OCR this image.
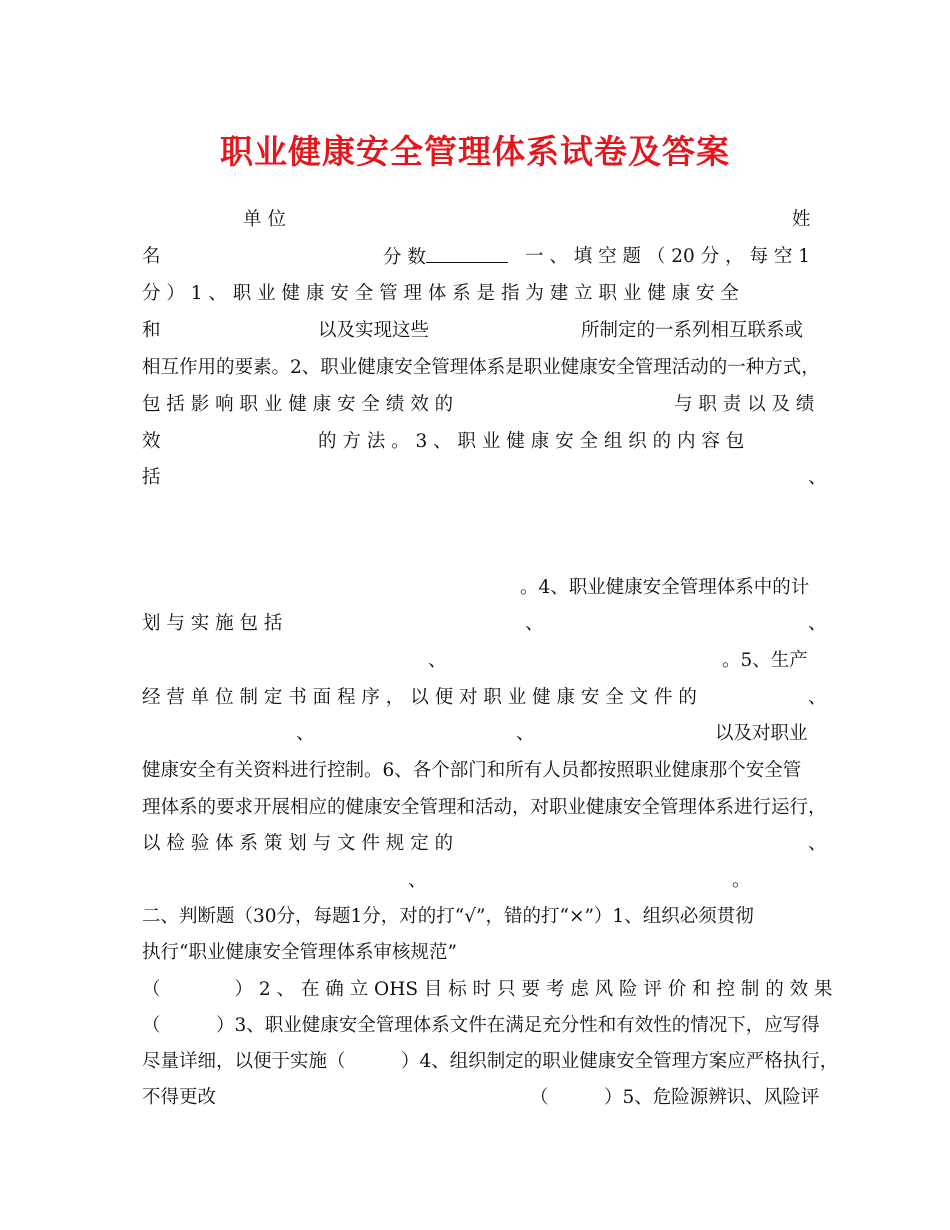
职业健康安全管理体系试卷及答案
单 位	姓
名	分 数	一 、 填 空 题 （ 20 分 ， 每 空 1
分 ） 1 、 职 业 健 康 安 全 管 理 体 系 是 指 为 建 立 职 业 健 康 安 全
和	以及实现这些	所制定的一系列相互联系或
相互作用的要素。2、职业健康安全管理体系是职业健康安全管理活动的一种方式，
包 括 影 响 职 业 健 康 安 全 绩 效 的	与 职 责 以 及 绩
效	的 方 法 。 3 、 职 业 健 康 安 全 组 织 的 内 容 包
括	、
。4、职业健康安全管理体系中的计
划 与 实 施 包 括	、	、
、	。5、生产
经 营 单 位 制 定 书 面 程 序 ， 以 便 对 职 业 健 康 安 全 文 件 的	、
、	、	以及对职业
健康安全有关资料进行控制。6、各个部门和所有人员都按照职业健康那个安全管
理体系的要求开展相应的健康安全管理和活动，对职业健康安全管理体系进行运行，
以 检 验 体 系 策 划 与 文 件 规 定 的	、
、	。
二、判断题（30分，每题1分，对的打“√”，错的打“×”）1、组织必须贯彻
执行“职业健康安全管理体系审核规范”
（　　　　） 2 、 在 确 立 OHS 目 标 时 只 要 考 虑 风 险 评 价 和 控 制 的 效 果
（　　　）3、职业健康安全管理体系文件在满足充分性和有效性的情况下，应写得
尽量详细，以便于实施（　　　）4、组织制定的职业健康安全管理方案应严格执行，
不得更改	（　　　）5、危险源辨识、风险评
